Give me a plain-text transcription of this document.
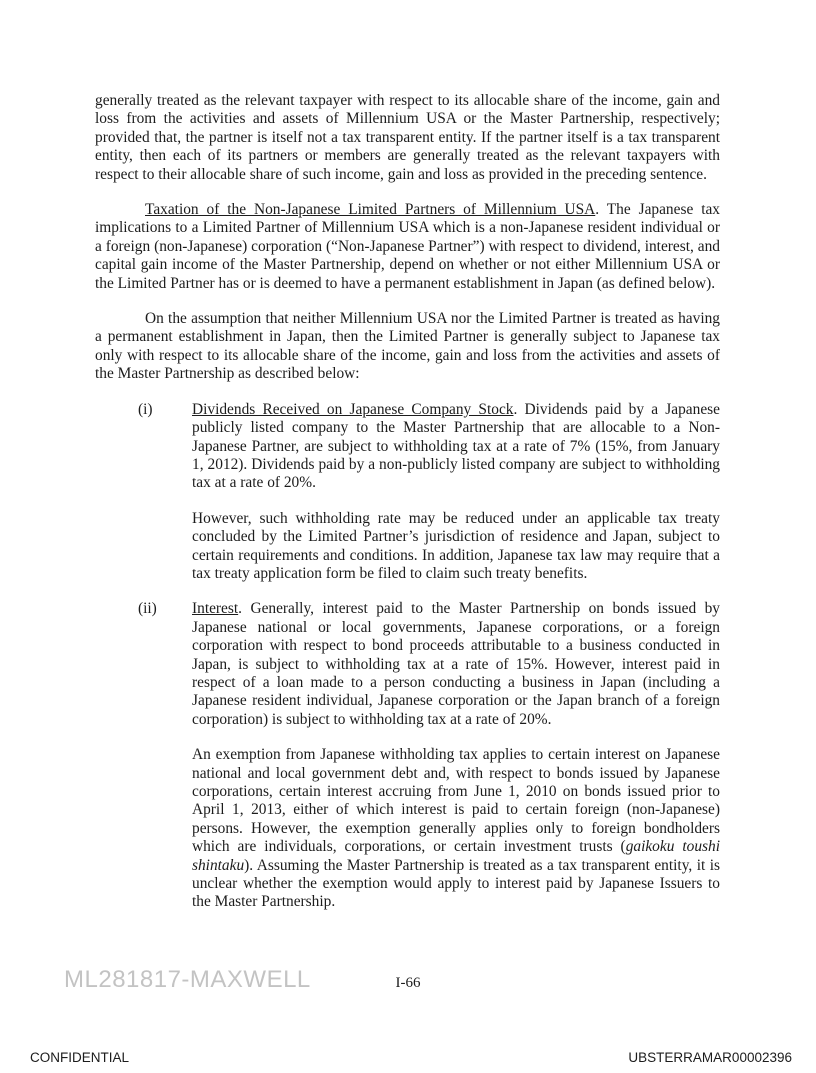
generally treated as the relevant taxpayer with respect to its allocable share of the income, gain and loss from the activities and assets of Millennium USA or the Master Partnership, respectively; provided that, the partner is itself not a tax transparent entity. If the partner itself is a tax transparent entity, then each of its partners or members are generally treated as the relevant taxpayers with respect to their allocable share of such income, gain and loss as provided in the preceding sentence.

Taxation of the Non-Japanese Limited Partners of Millennium USA. The Japanese tax implications to a Limited Partner of Millennium USA which is a non-Japanese resident individual or a foreign (non-Japanese) corporation (“Non-Japanese Partner”) with respect to dividend, interest, and capital gain income of the Master Partnership, depend on whether or not either Millennium USA or the Limited Partner has or is deemed to have a permanent establishment in Japan (as defined below).

On the assumption that neither Millennium USA nor the Limited Partner is treated as having a permanent establishment in Japan, then the Limited Partner is generally subject to Japanese tax only with respect to its allocable share of the income, gain and loss from the activities and assets of the Master Partnership as described below:

(i)	Dividends Received on Japanese Company Stock. Dividends paid by a Japanese publicly listed company to the Master Partnership that are allocable to a Non-Japanese Partner, are subject to withholding tax at a rate of 7% (15%, from January 1, 2012). Dividends paid by a non-publicly listed company are subject to withholding tax at a rate of 20%.

However, such withholding rate may be reduced under an applicable tax treaty concluded by the Limited Partner’s jurisdiction of residence and Japan, subject to certain requirements and conditions. In addition, Japanese tax law may require that a tax treaty application form be filed to claim such treaty benefits.

(ii) Interest. Generally, interest paid to the Master Partnership on bonds issued by Japanese national or local governments, Japanese corporations, or a foreign corporation with respect to bond proceeds attributable to a business conducted in Japan, is subject to withholding tax at a rate of 15%. However, interest paid in respect of a loan made to a person conducting a business in Japan (including a Japanese resident individual, Japanese corporation or the Japan branch of a foreign corporation) is subject to withholding tax at a rate of 20%.

An exemption from Japanese withholding tax applies to certain interest on Japanese national and local government debt and, with respect to bonds issued by Japanese corporations, certain interest accruing from June 1, 2010 on bonds issued prior to April 1, 2013, either of which interest is paid to certain foreign (non-Japanese) persons. However, the exemption generally applies only to foreign bondholders which are individuals, corporations, or certain investment trusts (gaikoku toushi shintaku). Assuming the Master Partnership is treated as a tax transparent entity, it is unclear whether the exemption would apply to interest paid by Japanese Issuers to the Master Partnership.

ML281817-MAXWELL	I-66
CONFIDENTIAL	UBSTERRAMAR00002396
